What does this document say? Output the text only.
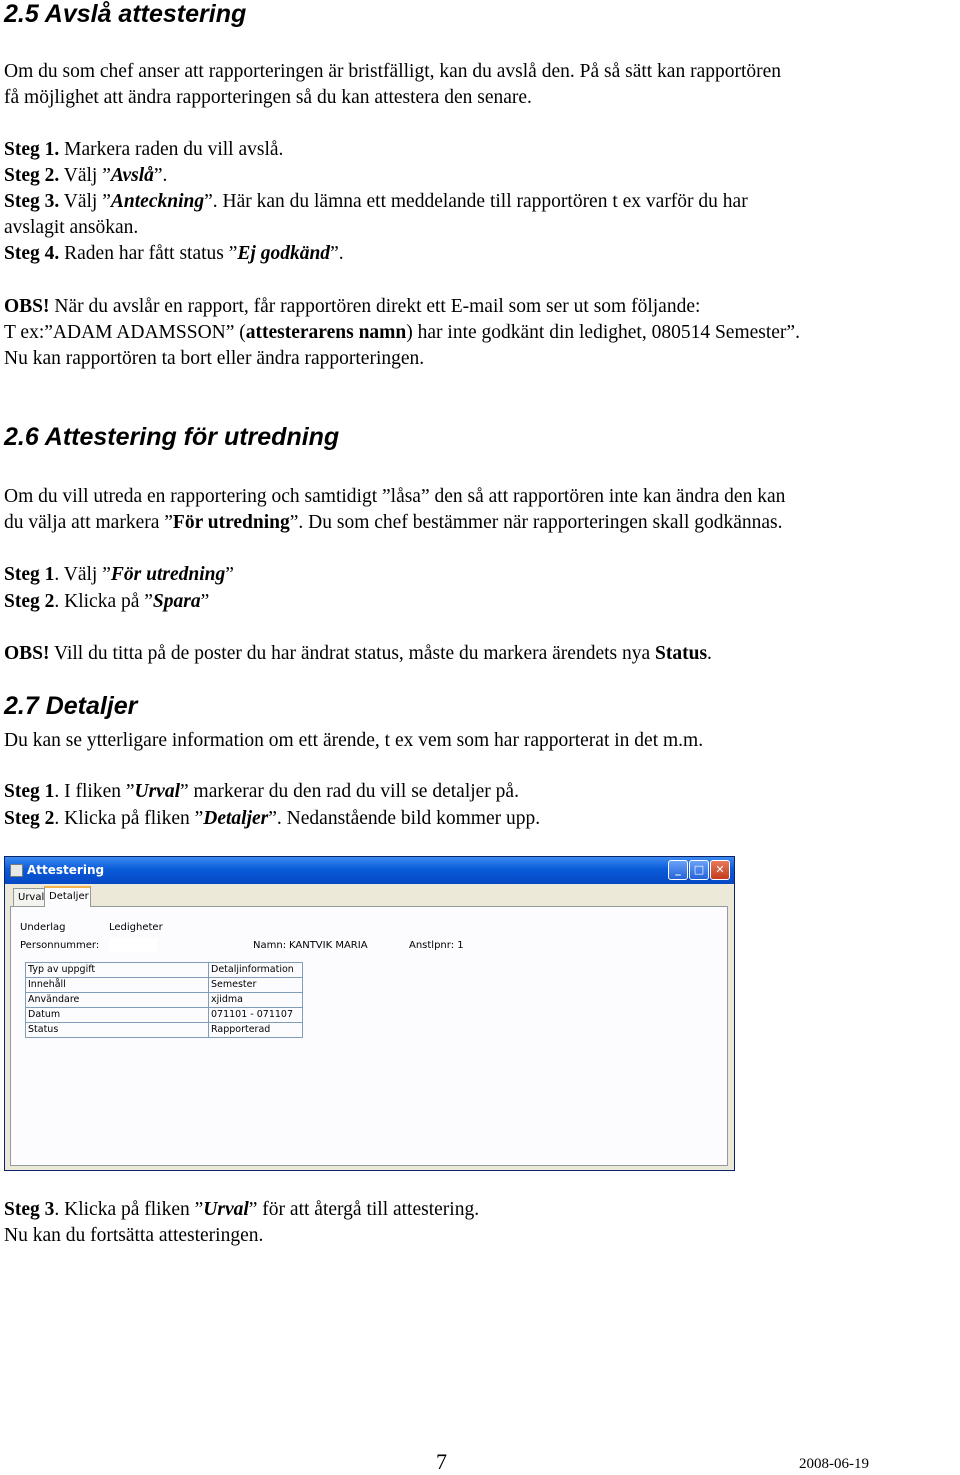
2.5 Avslå attestering
Om du som chef anser att rapporteringen är bristfälligt, kan du avslå den. På så sätt kan rapportören
få möjlighet att ändra rapporteringen så du kan attestera den senare.
Steg 1. Markera raden du vill avslå.
Steg 2. Välj ”Avslå”.
Steg 3. Välj ”Anteckning”. Här kan du lämna ett meddelande till rapportören t ex varför du har
avslagit ansökan.
Steg 4. Raden har fått status ”Ej godkänd”.
OBS! När du avslår en rapport, får rapportören direkt ett E-mail som ser ut som följande:
T ex:”ADAM ADAMSSON” (attesterarens namn) har inte godkänt din ledighet, 080514 Semester”.
Nu kan rapportören ta bort eller ändra rapporteringen.
2.6 Attestering för utredning
Om du vill utreda en rapportering och samtidigt ”låsa” den så att rapportören inte kan ändra den kan
du välja att markera ”För utredning”. Du som chef bestämmer när rapporteringen skall godkännas.
Steg 1. Välj ”För utredning”
Steg 2. Klicka på ”Spara”
OBS! Vill du titta på de poster du har ändrat status, måste du markera ärendets nya Status.
2.7 Detaljer
Du kan se ytterligare information om ett ärende, t ex vem som har rapporterat in det m.m.
Steg 1. I fliken ”Urval” markerar du den rad du vill se detaljer på.
Steg 2. Klicka på fliken ”Detaljer”. Nedanstående bild kommer upp.
Attestering	_	□	✕
Urval Detaljer
Underlag	Ledigheter
Personnummer:	Namn: KANTVIK MARIA	Anstlpnr: 1
Typ av uppgift	Detaljinformation
Innehåll	Semester
Användare	xjidma
Datum	071101 - 071107
Status	Rapporterad
Steg 3. Klicka på fliken ”Urval” för att återgå till attestering.
Nu kan du fortsätta attesteringen.
7	2008-06-19
